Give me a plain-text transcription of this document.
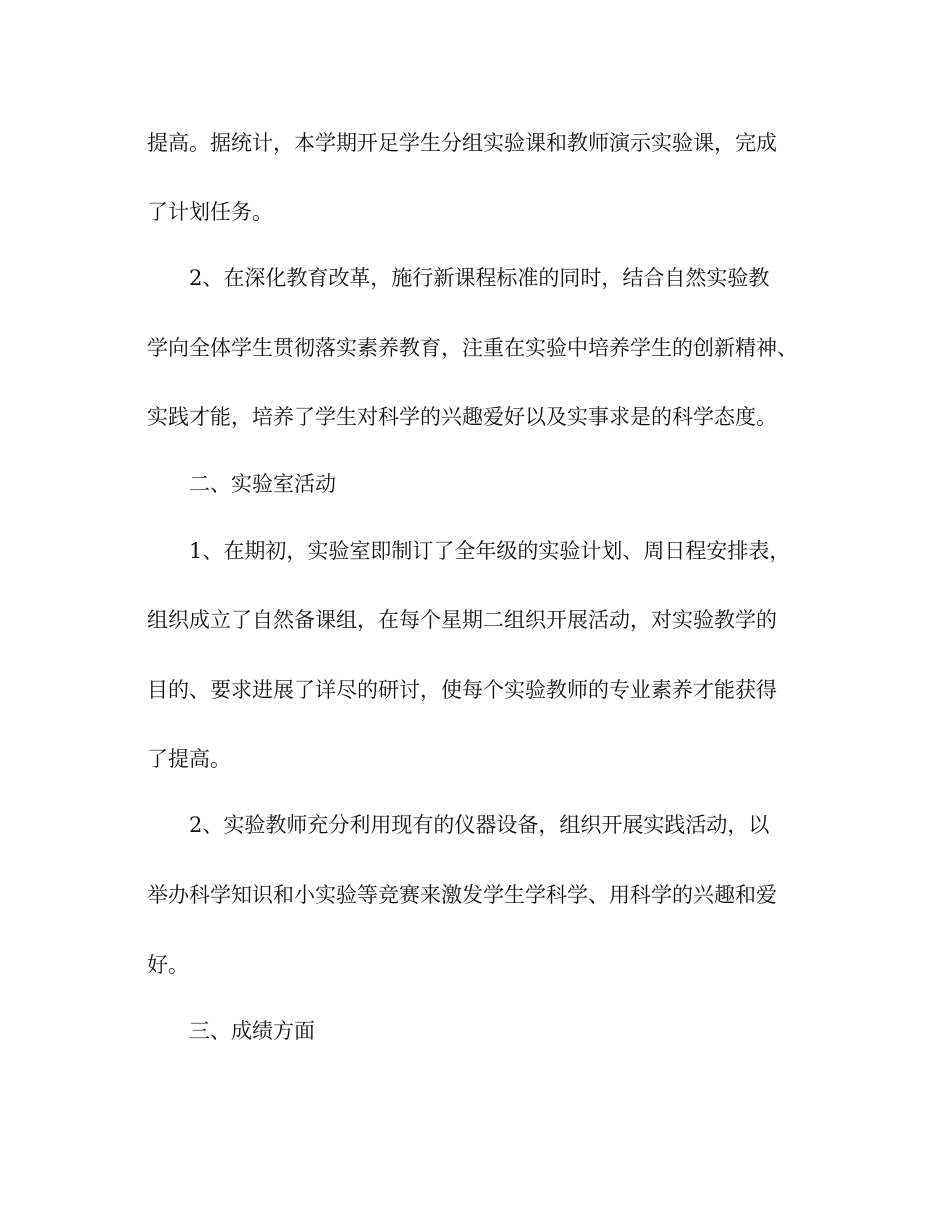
提高。据统计，本学期开足学生分组实验课和教师演示实验课，完成

了计划任务。

2、在深化教育改革，施行新课程标准的同时，结合自然实验教

学向全体学生贯彻落实素养教育，注重在实验中培养学生的创新精神、

实践才能，培养了学生对科学的兴趣爱好以及实事求是的科学态度。

二、实验室活动

1、在期初，实验室即制订了全年级的实验计划、周日程安排表，

组织成立了自然备课组，在每个星期二组织开展活动，对实验教学的

目的、要求进展了详尽的研讨，使每个实验教师的专业素养才能获得

了提高。

2、实验教师充分利用现有的仪器设备，组织开展实践活动，以

举办科学知识和小实验等竞赛来激发学生学科学、用科学的兴趣和爱

好。

三、成绩方面
